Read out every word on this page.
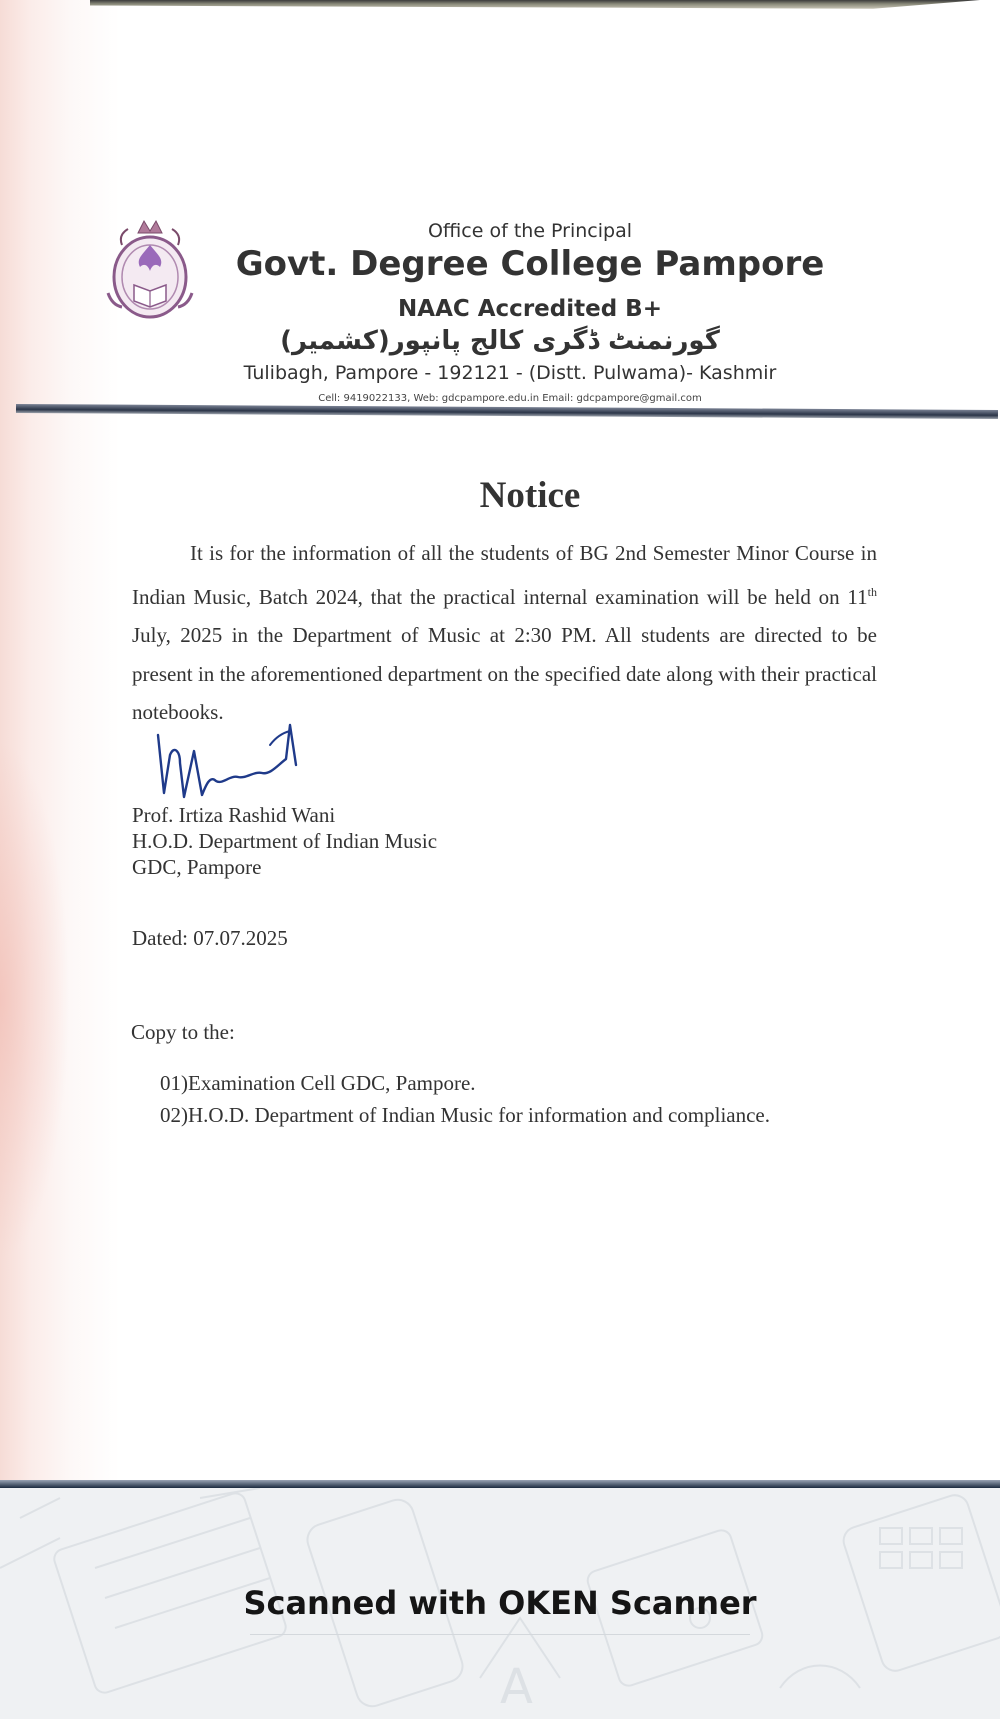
Office of the Principal
Govt. Degree College Pampore
NAAC Accredited B+
گورنمنٹ ڈگری کالج پانپور(کشمیر)
Tulibagh, Pampore - 192121 - (Distt. Pulwama)- Kashmir
Cell: 9419022133, Web: gdcpampore.edu.in Email: gdcpampore@gmail.com
Notice
It is for the information of all the students of BG 2nd Semester Minor Course in Indian Music, Batch 2024, that the practical internal examination will be held on 11th July, 2025 in the Department of Music at 2:30 PM. All students are directed to be present in the aforementioned department on the specified date along with their practical notebooks.
Prof. Irtiza Rashid Wani
H.O.D. Department of Indian Music
GDC, Pampore
Dated: 07.07.2025
Copy to the:
01)Examination Cell GDC, Pampore.
02)H.O.D. Department of Indian Music for information and compliance.
A
Scanned with OKEN Scanner
